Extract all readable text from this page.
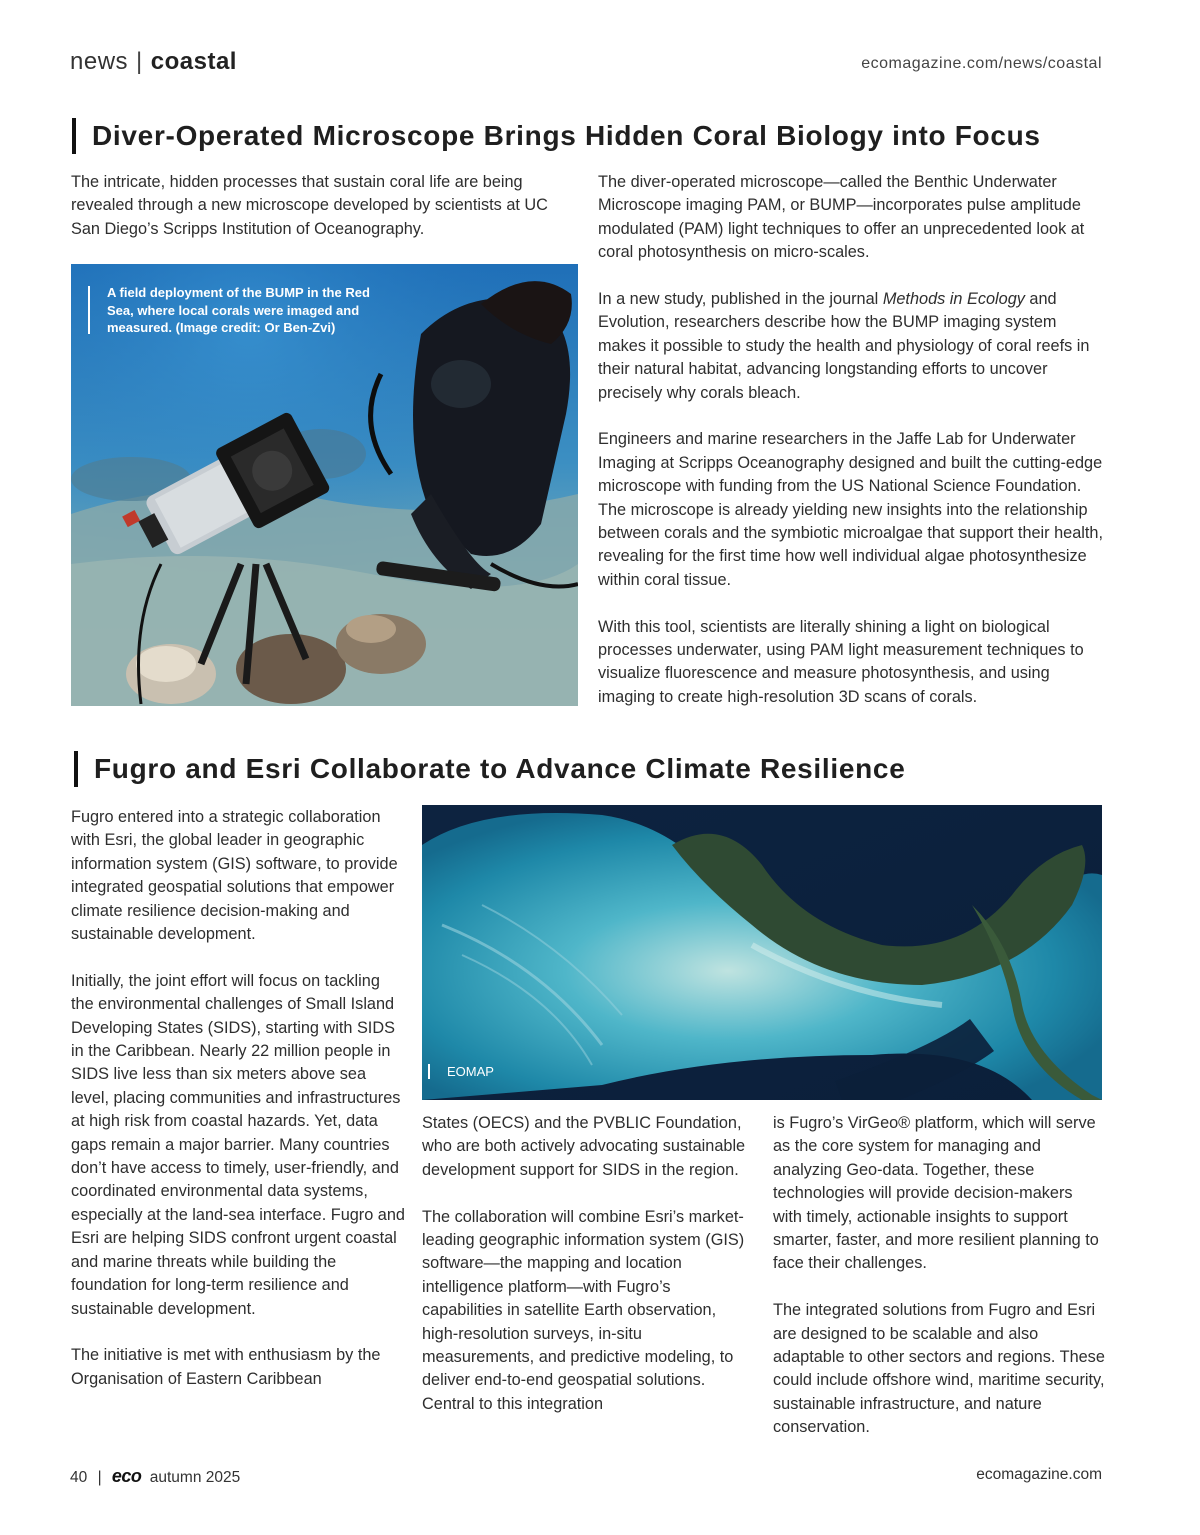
news | coastal	ecomagazine.com/news/coastal
Diver-Operated Microscope Brings Hidden Coral Biology into Focus

The intricate, hidden processes that sustain coral life are being revealed through a new microscope developed by scientists at UC San Diego’s Scripps Institution of Oceanography.

A field deployment of the BUMP in the Red Sea, where local corals were imaged and measured. (Image credit: Or Ben-Zvi)

The diver-operated microscope—called the Benthic Underwater Microscope imaging PAM, or BUMP—incorporates pulse amplitude modulated (PAM) light techniques to offer an unprecedented look at coral photosynthesis on micro-scales.

In a new study, published in the journal Methods in Ecology and Evolution, researchers describe how the BUMP imaging system makes it possible to study the health and physiology of coral reefs in their natural habitat, advancing longstanding efforts to uncover precisely why corals bleach.

Engineers and marine researchers in the Jaffe Lab for Underwater Imaging at Scripps Oceanography designed and built the cutting-edge microscope with funding from the US National Science Foundation. The microscope is already yielding new insights into the relationship between corals and the symbiotic microalgae that support their health, revealing for the first time how well individual algae photosynthesize within coral tissue.

With this tool, scientists are literally shining a light on biological processes underwater, using PAM light measurement techniques to visualize fluorescence and measure photosynthesis, and using imaging to create high-resolution 3D scans of corals.

Fugro and Esri Collaborate to Advance Climate Resilience

Fugro entered into a strategic collaboration with Esri, the global leader in geographic information system (GIS) software, to provide integrated geospatial solutions that empower climate resilience decision-making and sustainable development.

Initially, the joint effort will focus on tackling the environmental challenges of Small Island Developing States (SIDS), starting with SIDS in the Caribbean. Nearly 22 million people in SIDS live less than six meters above sea level, placing communities and infrastructures at high risk from coastal hazards. Yet, data gaps remain a major barrier. Many countries don’t have access to timely, user-friendly, and coordinated environmental data systems, especially at the land-sea interface. Fugro and Esri are helping SIDS confront urgent coastal and marine threats while building the foundation for long-term resilience and sustainable development.

The initiative is met with enthusiasm by the Organisation of Eastern Caribbean

EOMAP

States (OECS) and the PVBLIC Foundation, who are both actively advocating sustainable development support for SIDS in the region.

The collaboration will combine Esri’s market-leading geographic information system (GIS) software—the mapping and location intelligence platform—with Fugro’s capabilities in satellite Earth observation, high-resolution surveys, in-situ measurements, and predictive modeling, to deliver end-to-end geospatial solutions. Central to this integration

is Fugro’s VirGeo® platform, which will serve as the core system for managing and analyzing Geo-data. Together, these technologies will provide decision-makers with timely, actionable insights to support smarter, faster, and more resilient planning to face their challenges.

The integrated solutions from Fugro and Esri are designed to be scalable and also adaptable to other sectors and regions. These could include offshore wind, maritime security, sustainable infrastructure, and nature conservation.

40 | eco autumn 2025	ecomagazine.com
